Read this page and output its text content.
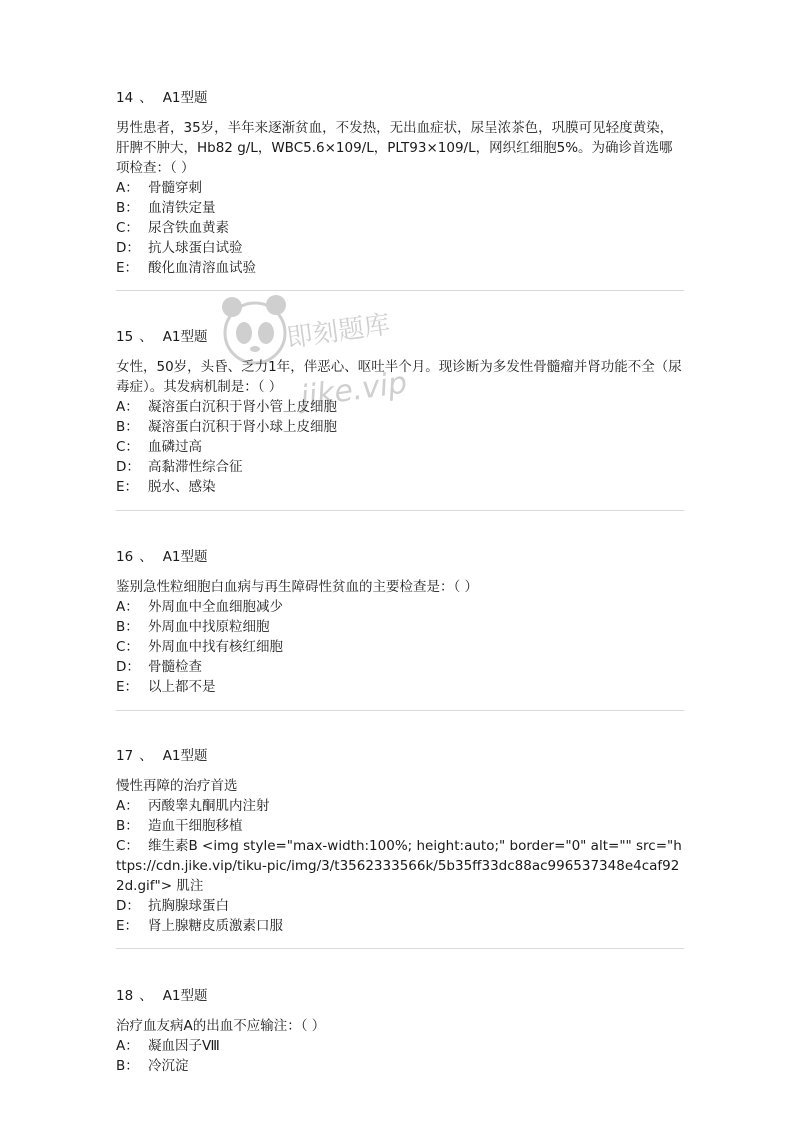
14 、 A1型题
男性患者，35岁，半年来逐渐贫血，不发热，无出血症状，尿呈浓茶色，巩膜可见轻度黄染，肝脾不肿大，Hb82 g/L，WBC5.6×109/L，PLT93×109/L，网织红细胞5%。为确诊首选哪项检查：（ ）
A： 骨髓穿刺
B： 血清铁定量
C： 尿含铁血黄素
D： 抗人球蛋白试验
E： 酸化血清溶血试验
15 、 A1型题
女性，50岁，头昏、乏力1年，伴恶心、呕吐半个月。现诊断为多发性骨髓瘤并肾功能不全（尿毒症）。其发病机制是：（ ）
A： 凝溶蛋白沉积于肾小管上皮细胞
B： 凝溶蛋白沉积于肾小球上皮细胞
C： 血磷过高
D： 高黏滞性综合征
E： 脱水、感染
16 、 A1型题
鉴别急性粒细胞白血病与再生障碍性贫血的主要检查是：（ ）
A： 外周血中全血细胞减少
B： 外周血中找原粒细胞
C： 外周血中找有核红细胞
D： 骨髓检查
E： 以上都不是
17 、 A1型题
慢性再障的治疗首选
A： 丙酸睾丸酮肌内注射
B： 造血干细胞移植
C： 维生素B <img style="max-width:100%; height:auto;" border="0" alt="" src="https://cdn.jike.vip/tiku-pic/img/3/t3562333566k/5b35ff33dc88ac996537348e4caf922d.gif"> 肌注
D： 抗胸腺球蛋白
E： 肾上腺糖皮质激素口服
18 、 A1型题
治疗血友病A的出血不应输注：（ ）
A： 凝血因子Ⅷ
B： 冷沉淀
即刻题库
jike.vip
